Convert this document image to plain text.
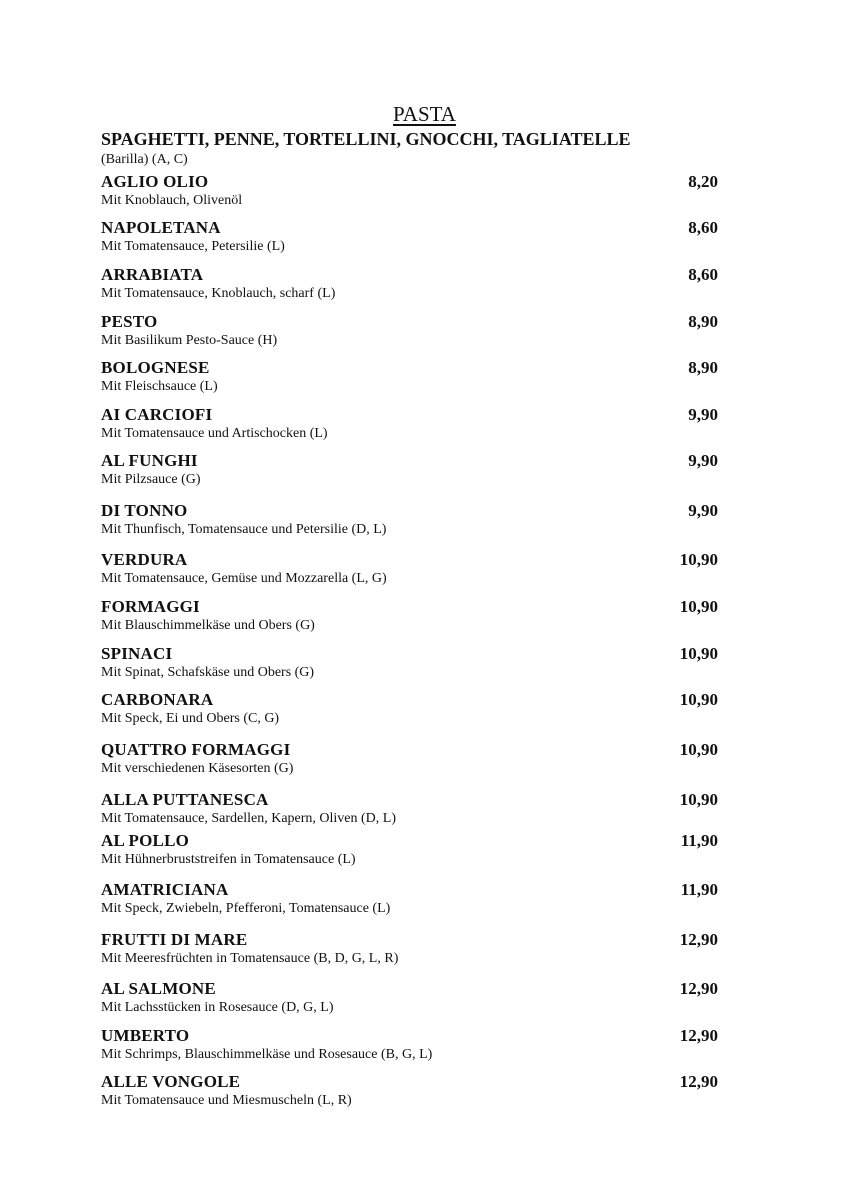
PASTA
SPAGHETTI, PENNE, TORTELLINI, GNOCCHI, TAGLIATELLE
(Barilla) (A, C)
AGLIO OLIO	8,20
Mit Knoblauch, Olivenöl
NAPOLETANA	8,60
Mit Tomatensauce, Petersilie (L)
ARRABIATA	8,60
Mit Tomatensauce, Knoblauch, scharf (L)
PESTO	8,90
Mit Basilikum Pesto-Sauce (H)
BOLOGNESE	8,90
Mit Fleischsauce (L)
AI CARCIOFI	9,90
Mit Tomatensauce und Artischocken (L)
AL FUNGHI	9,90
Mit Pilzsauce (G)
DI TONNO	9,90
Mit Thunfisch, Tomatensauce und Petersilie (D, L)
VERDURA	10,90
Mit Tomatensauce, Gemüse und Mozzarella (L, G)
FORMAGGI	10,90
Mit Blauschimmelkäse und Obers (G)
SPINACI	10,90
Mit Spinat, Schafskäse und Obers (G)
CARBONARA	10,90
Mit Speck, Ei und Obers (C, G)
QUATTRO FORMAGGI	10,90
Mit verschiedenen Käsesorten (G)
ALLA PUTTANESCA	10,90
Mit Tomatensauce, Sardellen, Kapern, Oliven (D, L)
AL POLLO	11,90
Mit Hühnerbruststreifen in Tomatensauce (L)
AMATRICIANA	11,90
Mit Speck, Zwiebeln, Pfefferoni, Tomatensauce (L)
FRUTTI DI MARE	12,90
Mit Meeresfrüchten in Tomatensauce (B, D, G, L, R)
AL SALMONE	12,90
Mit Lachsstücken in Rosesauce (D, G, L)
UMBERTO	12,90
Mit Schrimps, Blauschimmelkäse und Rosesauce (B, G, L)
ALLE VONGOLE	12,90
Mit Tomatensauce und Miesmuscheln (L, R)
